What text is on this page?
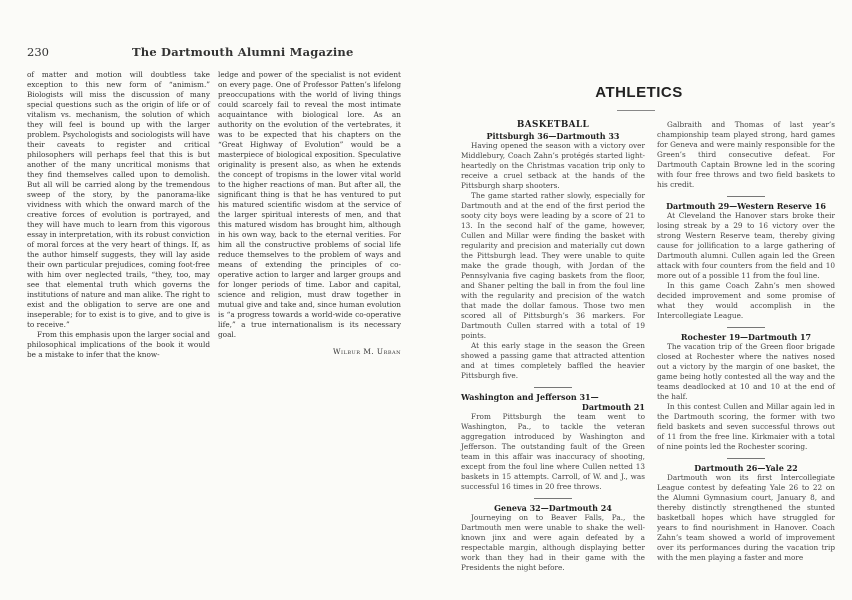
230	The Dartmouth Alumni Magazine

of matter and motion will doubtless take exception to this new form of “animism.” Biologists will miss the discussion of many special questions such as the origin of life or of vitalism vs. mechanism, the solution of which they will feel is bound up with the larger problem. Psychologists and sociologists will have their caveats to register and critical philosophers will perhaps feel that this is but another of the many uncritical monisms that they find themselves called upon to demolish. But all will be carried along by the tremendous sweep of the story, by the panorama-like vividness with which the onward march of the creative forces of evolution is portrayed, and they will have much to learn from this vigorous essay in interpretation, with its robust conviction of moral forces at the very heart of things. If, as the author himself suggests, they will lay aside their own particular prejudices, coming foot-free with him over neglected trails, “they, too, may see that elemental truth which governs the institutions of nature and man alike. The right to exist and the obligation to serve are one and inseperable; for to exist is to give, and to give is to receive.”

From this emphasis upon the larger social and philosophical implications of the book it would be a mistake to infer that the know-

ledge and power of the specialist is not evident on every page. One of Professor Patten’s lifelong preoccupations with the world of living things could scarcely fail to reveal the most intimate acquaintance with biological lore. As an authority on the evolution of the vertebrates, it was to be expected that his chapters on the “Great Highway of Evolution” would be a masterpiece of biological exposition. Speculative originality is present also, as when he extends the concept of tropisms in the lower vital world to the higher reactions of man. But after all, the significant thing is that he has ventured to put his matured scientific wisdom at the service of the larger spiritual interests of men, and that this matured wisdom has brought him, although in his own way, back to the eternal verities. For him all the constructive problems of social life reduce themselves to the problem of ways and means of extending the principles of co-operative action to larger and larger groups and for longer periods of time. Labor and capital, science and religion, must draw together in mutual give and take and, since human evolution is “a progress towards a world-wide co-operative life,” a true internationalism is its necessary goal.

Wilbur M. Urban
ATHLETICS
BASKETBALL
Pittsburgh 36—Dartmouth 33

Having opened the season with a victory over Middlebury, Coach Zahn’s protégés started light-heartedly on the Christmas vacation trip only to receive a cruel setback at the hands of the Pittsburgh sharp shooters.

The game started rather slowly, especially for Dartmouth and at the end of the first period the sooty city boys were leading by a score of 21 to 13. In the second half of the game, however, Cullen and Millar were finding the basket with regularity and precision and materially cut down the Pittsburgh lead. They were unable to quite make the grade though, with Jordan of the Pennsylvania five caging baskets from the floor, and Shaner pelting the ball in from the foul line with the regularity and precision of the watch that made the dollar famous. Those two men scored all of Pittsburgh’s 36 markers. For Dartmouth Cullen starred with a total of 19 points.

At this early stage in the season the Green showed a passing game that attracted attention and at times completely baffled the heavier Pittsburgh five.

Washington and Jefferson 31—
Dartmouth 21

From Pittsburgh the team went to Washington, Pa., to tackle the veteran aggregation introduced by Washington and Jefferson. The outstanding fault of the Green team in this affair was inaccuracy of shooting, except from the foul line where Cullen netted 13 baskets in 15 attempts. Carroll, of W. and J., was successful 16 times in 20 free throws.

Geneva 32—Dartmouth 24

Journeying on to Beaver Falls, Pa., the Dartmouth men were unable to shake the well-known jinx and were again defeated by a respectable margin, although displaying better work than they had in their game with the Presidents the night before.

Galbraith and Thomas of last year’s championship team played strong, hard games for Geneva and were mainly responsible for the Green’s third consecutive defeat. For Dartmouth Captain Browne led in the scoring with four free throws and two field baskets to his credit.

Dartmouth 29—Western Reserve 16

At Cleveland the Hanover stars broke their losing streak by a 29 to 16 victory over the strong Western Reserve team, thereby giving cause for jollification to a large gathering of Dartmouth alumni. Cullen again led the Green attack with four counters from the field and 10 more out of a possible 11 from the foul line.

In this game Coach Zahn’s men showed decided improvement and some promise of what they would accomplish in the Intercollegiate League.

Rochester 19—Dartmouth 17

The vacation trip of the Green floor brigade closed at Rochester where the natives nosed out a victory by the margin of one basket, the game being hotly contested all the way and the teams deadlocked at 10 and 10 at the end of the half.

In this contest Cullen and Millar again led in the Dartmouth scoring, the former with two field baskets and seven successful throws out of 11 from the free line. Kirkmaier with a total of nine points led the Rochester scoring.

Dartmouth 26—Yale 22

Dartmouth won its first Intercollegiate League contest by defeating Yale 26 to 22 on the Alumni Gymnasium court, January 8, and thereby distinctly strengthened the stunted basketball hopes which have struggled for years to find nourishment in Hanover. Coach Zahn’s team showed a world of improvement over its performances during the vacation trip with the men playing a faster and more
